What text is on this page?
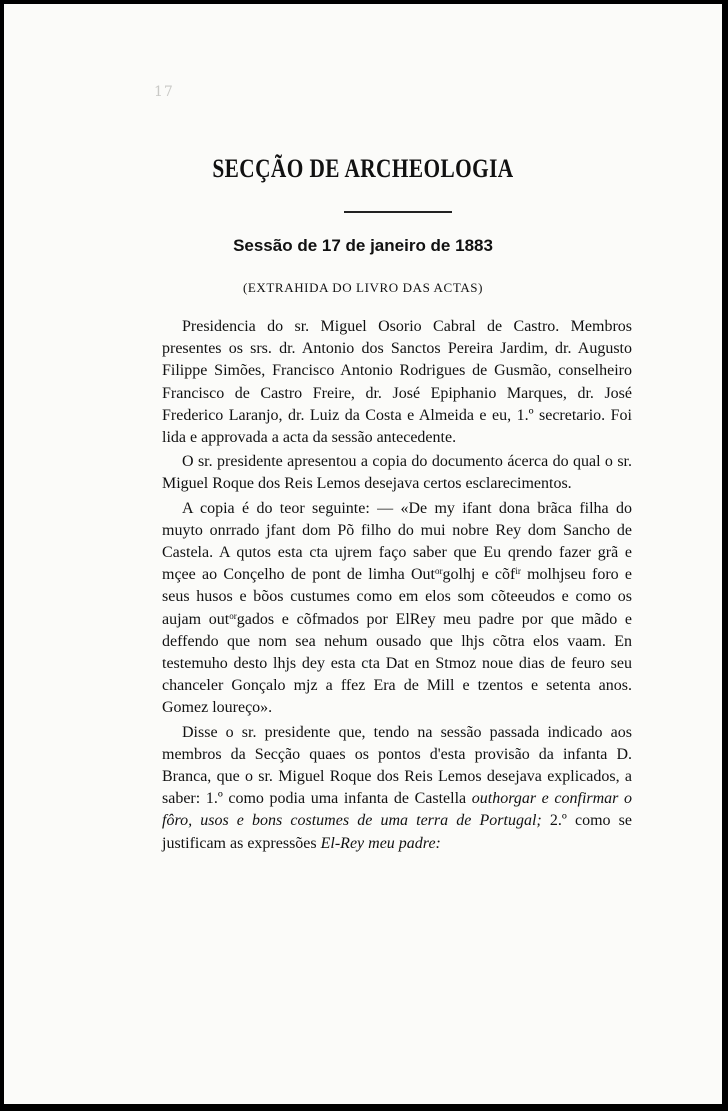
17
SECÇÃO DE ARCHEOLOGIA
Sessão de 17 de janeiro de 1883
(EXTRAHIDA DO LIVRO DAS ACTAS)

Presidencia do sr. Miguel Osorio Cabral de Castro. Membros presentes os srs. dr. Antonio dos Sanctos Pereira Jardim, dr. Augusto Filippe Simões, Francisco Antonio Rodrigues de Gusmão, conselheiro Francisco de Castro Freire, dr. José Epiphanio Marques, dr. José Frederico Laranjo, dr. Luiz da Costa e Almeida e eu, 1.º secretario. Foi lida e approvada a acta da sessão antecedente.

O sr. presidente apresentou a copia do documento ácerca do qual o sr. Miguel Roque dos Reis Lemos desejava certos esclarecimentos.

A copia é do teor seguinte: — «De my ifant dona brãca filha do muyto onrrado jfant dom Põ filho do mui nobre Rey dom Sancho de Castela. A qutos esta cta ujrem faço saber que Eu qrendo fazer grã e mçee ao Conçelho de pont de limha Out$^{or}$golhj e cõf$^{ir}$ molhjseu foro e seus husos e bõos custumes como em elos som cõteeudos e como os aujam out$^{or}$gados e cõfmados por ElRey meu padre por que mãdo e deffendo que nom sea nehum ousado que lhjs cõtra elos vaam. En testemuho desto lhjs dey esta cta Dat en Stmoz noue dias de feuro seu chanceler Gonçalo mjz a ffez Era de Mill e tzentos e setenta anos. Gomez loureço».

Disse o sr. presidente que, tendo na sessão passada indicado aos membros da Secção quaes os pontos d'esta provisão da infanta D. Branca, que o sr. Miguel Roque dos Reis Lemos desejava explicados, a saber: 1.º como podia uma infanta de Castella outhorgar e confirmar o fôro, usos e bons costumes de uma terra de Portugal; 2.º como se justificam as expressões El-Rey meu padre:
